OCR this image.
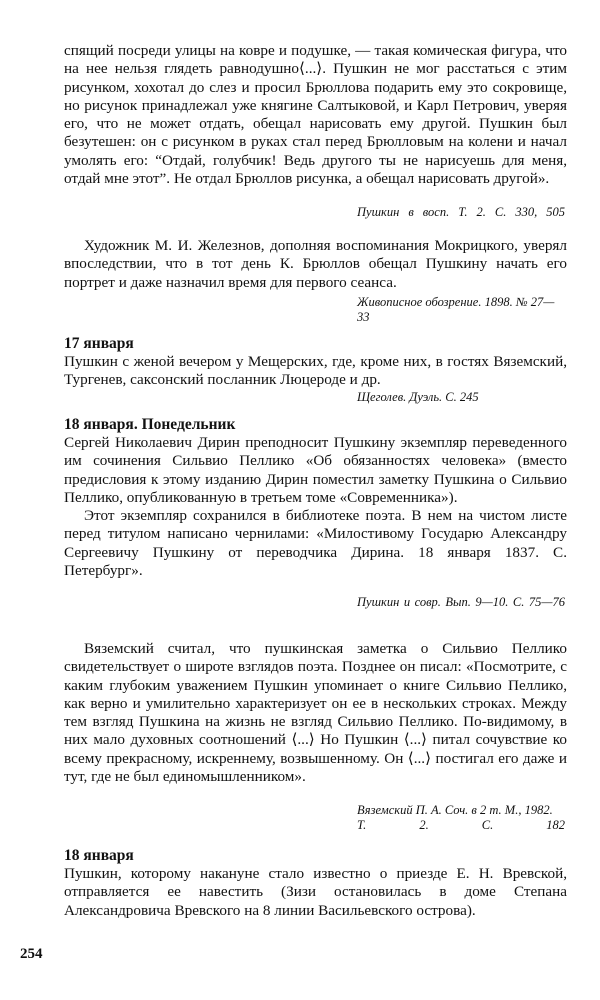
спящий посреди улицы на ковре и подушке, — такая комическая фигура, что на нее нельзя глядеть равнодушно⟨...⟩. Пушкин не мог расстаться с этим рисунком, хохотал до слез и просил Брюллова подарить ему это сокровище, но рисунок принадлежал уже княгине Салтыковой, и Карл Петрович, уверяя его, что не может отдать, обещал нарисовать ему другой. Пушкин был безутешен: он с рисунком в руках стал перед Брюлловым на колени и начал умолять его: “Отдай, голубчик! Ведь другого ты не нарисуешь для меня, отдай мне этот”. Не отдал Брюллов рисунка, а обещал нарисовать другой».

Пушкин в восп. Т. 2. С. 330, 505

Художник М. И. Железнов, дополняя воспоминания Мокрицкого, уверял впоследствии, что в тот день К. Брюллов обещал Пушкину начать его портрет и даже назначил время для первого сеанса.

Живописное обозрение. 1898. № 27—33

17 января

Пушкин с женой вечером у Мещерских, где, кроме них, в гостях Вяземский, Тургенев, саксонский посланник Люцероде и др.

Щеголев. Дуэль. С. 245

18 января. Понедельник

Сергей Николаевич Дирин преподносит Пушкину экземпляр переведенного им сочинения Сильвио Пеллико «Об обязанностях человека» (вместо предисловия к этому изданию Дирин поместил заметку Пушкина о Сильвио Пеллико, опубликованную в третьем томе «Современника»).

Этот экземпляр сохранился в библиотеке поэта. В нем на чистом листе перед титулом написано чернилами: «Милостивому Государю Александру Сергеевичу Пушкину от переводчика Дирина. 18 января 1837. С. Петербург».

Пушкин и совр. Вып. 9—10. С. 75—76

Вяземский считал, что пушкинская заметка о Сильвио Пеллико свидетельствует о широте взглядов поэта. Позднее он писал: «Посмотрите, с каким глубоким уважением Пушкин упоминает о книге Сильвио Пеллико, как верно и умилительно характеризует он ее в нескольких строках. Между тем взгляд Пушкина на жизнь не взгляд Сильвио Пеллико. По-видимому, в них мало духовных соотношений ⟨...⟩ Но Пушкин ⟨...⟩ питал сочувствие ко всему прекрасному, искреннему, возвышенному. Он ⟨...⟩ постигал его даже и тут, где не был единомышленником».

Вяземский П. А. Соч. в 2 т. М., 1982. Т. 2. С. 182

18 января

Пушкин, которому накануне стало известно о приезде Е. Н. Вревской, отправляется ее навестить (Зизи остановилась в доме Степана Александровича Вревского на 8 линии Васильевского острова).

254
